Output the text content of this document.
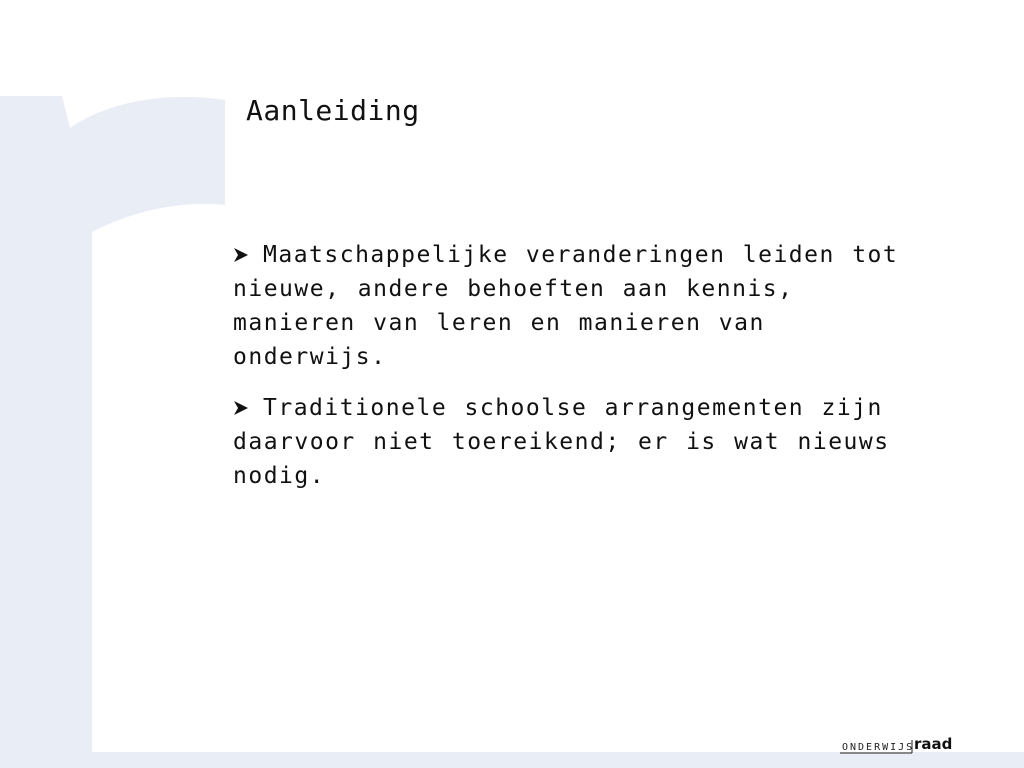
Aanleiding
Maatschappelijke veranderingen leiden tot nieuwe, andere behoeften aan kennis, manieren van leren en manieren van onderwijs.
Traditionele schoolse arrangementen zijn daarvoor niet toereikend; er is wat nieuws nodig.
ONDERWIJS raad
